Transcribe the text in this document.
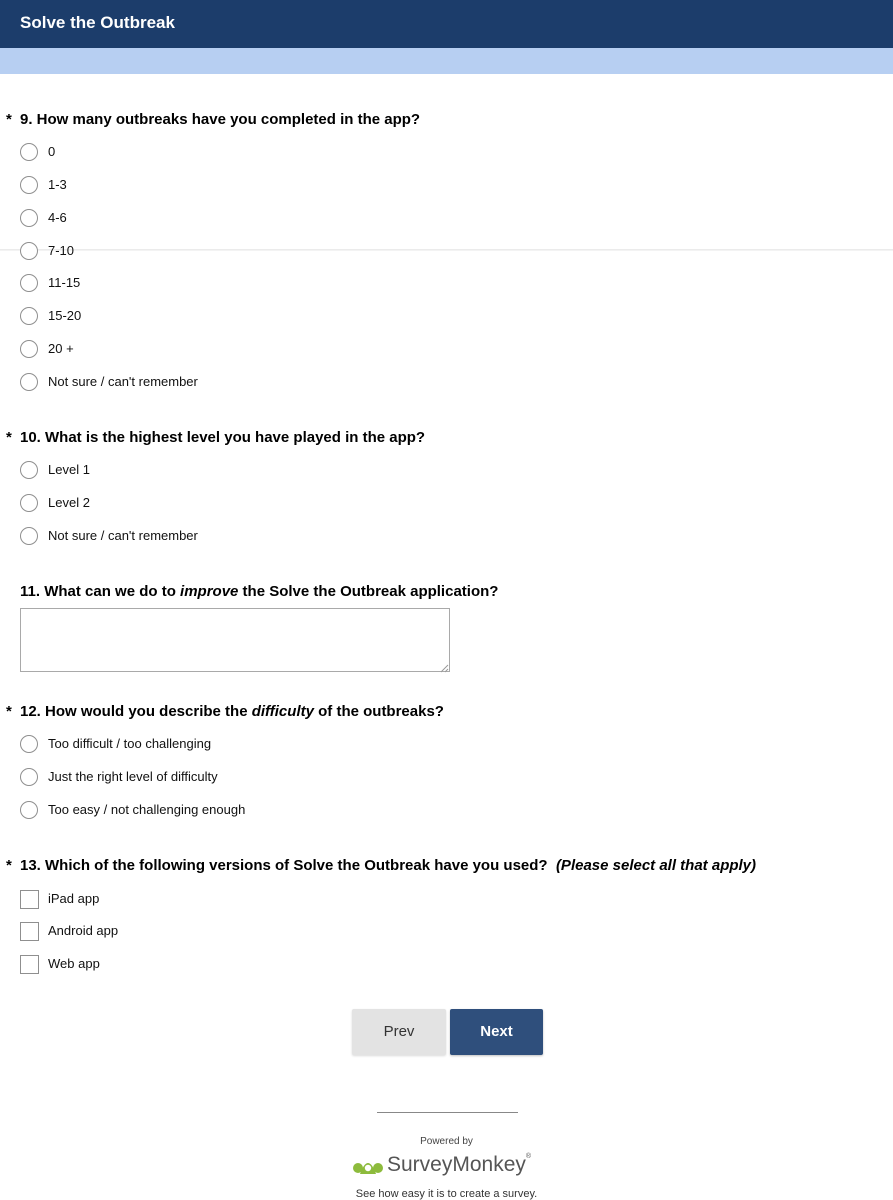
Solve the Outbreak
* 9. How many outbreaks have you completed in the app?
0
1-3
4-6
7-10
11-15
15-20
20 +
Not sure / can't remember
* 10. What is the highest level you have played in the app?
Level 1
Level 2
Not sure / can't remember
11. What can we do to improve the Solve the Outbreak application?
* 12. How would you describe the difficulty of the outbreaks?
Too difficult / too challenging
Just the right level of difficulty
Too easy / not challenging enough
* 13. Which of the following versions of Solve the Outbreak have you used? (Please select all that apply)
iPad app
Android app
Web app
Prev	Next
Powered by
SurveyMonkey®
See how easy it is to create a survey.
